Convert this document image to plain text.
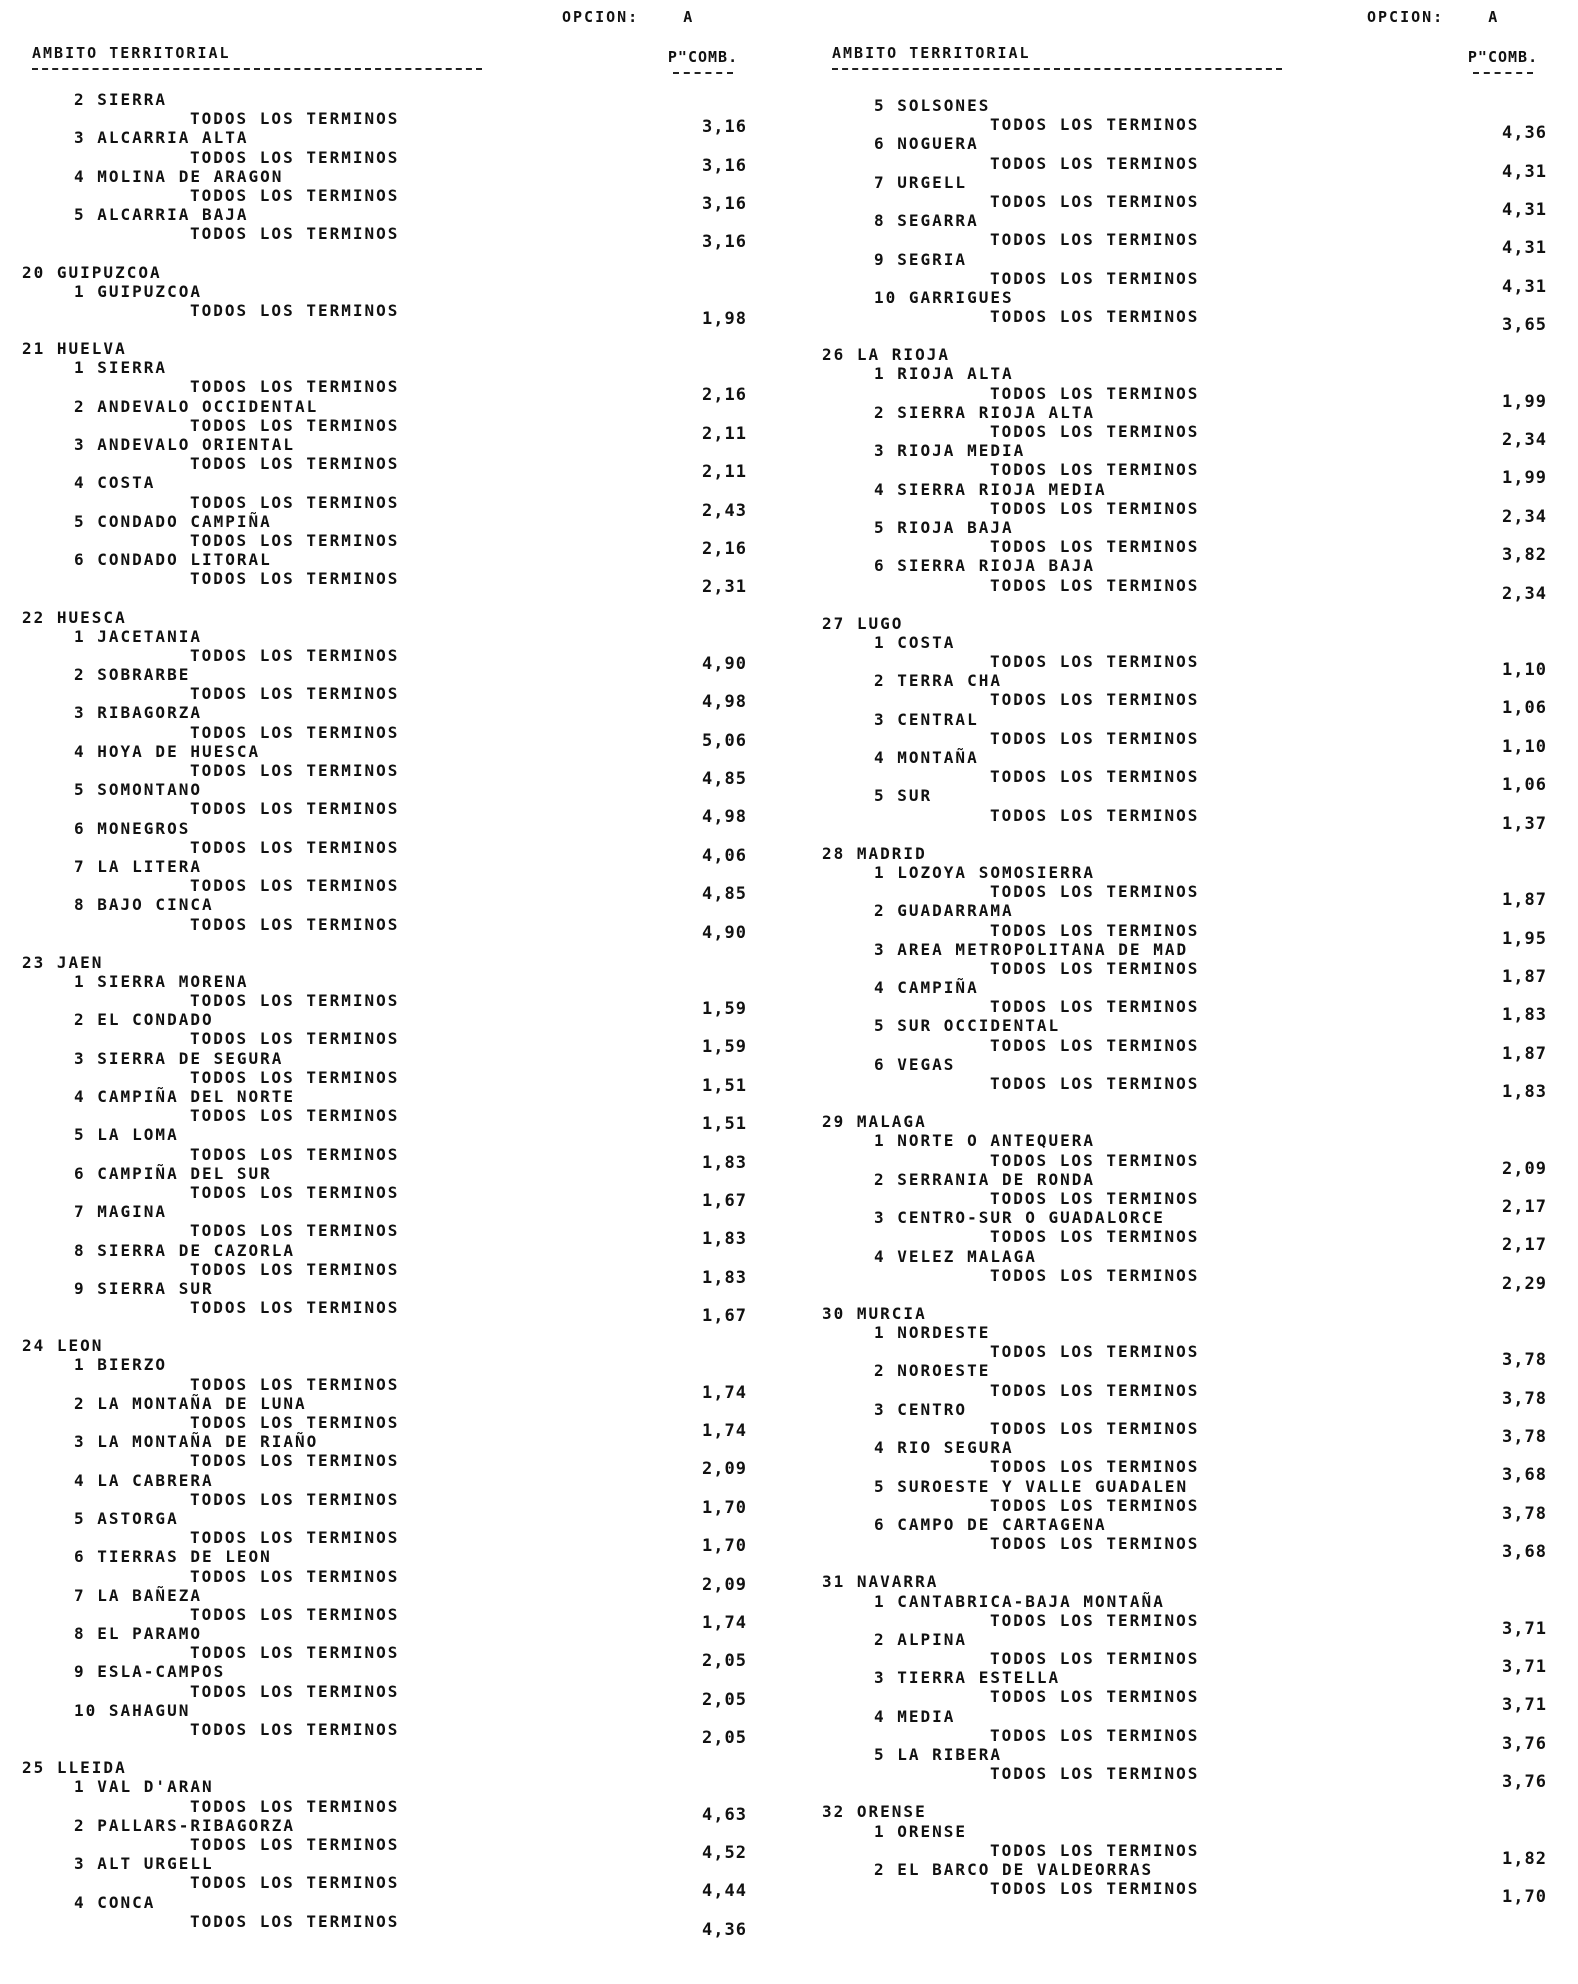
OPCION:	A
AMBITO TERRITORIAL	P"COMB.
2 SIERRA
TODOS LOS TERMINOS	3,16
3 ALCARRIA ALTA
TODOS LOS TERMINOS	3,16
4 MOLINA DE ARAGON
TODOS LOS TERMINOS	3,16
5 ALCARRIA BAJA
TODOS LOS TERMINOS	3,16
20 GUIPUZCOA
1 GUIPUZCOA
TODOS LOS TERMINOS	1,98
21 HUELVA
1 SIERRA
TODOS LOS TERMINOS	2,16
2 ANDEVALO OCCIDENTAL
TODOS LOS TERMINOS	2,11
3 ANDEVALO ORIENTAL
TODOS LOS TERMINOS	2,11
4 COSTA
TODOS LOS TERMINOS	2,43
5 CONDADO CAMPIÑA
TODOS LOS TERMINOS	2,16
6 CONDADO LITORAL
TODOS LOS TERMINOS	2,31
22 HUESCA
1 JACETANIA
TODOS LOS TERMINOS	4,90
2 SOBRARBE
TODOS LOS TERMINOS	4,98
3 RIBAGORZA
TODOS LOS TERMINOS	5,06
4 HOYA DE HUESCA
TODOS LOS TERMINOS	4,85
5 SOMONTANO
TODOS LOS TERMINOS	4,98
6 MONEGROS
TODOS LOS TERMINOS	4,06
7 LA LITERA
TODOS LOS TERMINOS	4,85
8 BAJO CINCA
TODOS LOS TERMINOS	4,90
23 JAEN
1 SIERRA MORENA
TODOS LOS TERMINOS	1,59
2 EL CONDADO
TODOS LOS TERMINOS	1,59
3 SIERRA DE SEGURA
TODOS LOS TERMINOS	1,51
4 CAMPIÑA DEL NORTE
TODOS LOS TERMINOS	1,51
5 LA LOMA
TODOS LOS TERMINOS	1,83
6 CAMPIÑA DEL SUR
TODOS LOS TERMINOS	1,67
7 MAGINA
TODOS LOS TERMINOS	1,83
8 SIERRA DE CAZORLA
TODOS LOS TERMINOS	1,83
9 SIERRA SUR
TODOS LOS TERMINOS	1,67
24 LEON
1 BIERZO
TODOS LOS TERMINOS	1,74
2 LA MONTAÑA DE LUNA
TODOS LOS TERMINOS	1,74
3 LA MONTAÑA DE RIAÑO
TODOS LOS TERMINOS	2,09
4 LA CABRERA
TODOS LOS TERMINOS	1,70
5 ASTORGA
TODOS LOS TERMINOS	1,70
6 TIERRAS DE LEON
TODOS LOS TERMINOS	2,09
7 LA BAÑEZA
TODOS LOS TERMINOS	1,74
8 EL PARAMO
TODOS LOS TERMINOS	2,05
9 ESLA-CAMPOS
TODOS LOS TERMINOS	2,05
10 SAHAGUN
TODOS LOS TERMINOS	2,05
25 LLEIDA
1 VAL D'ARAN
TODOS LOS TERMINOS	4,63
2 PALLARS-RIBAGORZA
TODOS LOS TERMINOS	4,52
3 ALT URGELL
TODOS LOS TERMINOS	4,44
4 CONCA
TODOS LOS TERMINOS	4,36
OPCION:	A
AMBITO TERRITORIAL	P"COMB.
5 SOLSONES
TODOS LOS TERMINOS	4,36
6 NOGUERA
TODOS LOS TERMINOS	4,31
7 URGELL
TODOS LOS TERMINOS	4,31
8 SEGARRA
TODOS LOS TERMINOS	4,31
9 SEGRIA
TODOS LOS TERMINOS	4,31
10 GARRIGUES
TODOS LOS TERMINOS	3,65
26 LA RIOJA
1 RIOJA ALTA
TODOS LOS TERMINOS	1,99
2 SIERRA RIOJA ALTA
TODOS LOS TERMINOS	2,34
3 RIOJA MEDIA
TODOS LOS TERMINOS	1,99
4 SIERRA RIOJA MEDIA
TODOS LOS TERMINOS	2,34
5 RIOJA BAJA
TODOS LOS TERMINOS	3,82
6 SIERRA RIOJA BAJA
TODOS LOS TERMINOS	2,34
27 LUGO
1 COSTA
TODOS LOS TERMINOS	1,10
2 TERRA CHA
TODOS LOS TERMINOS	1,06
3 CENTRAL
TODOS LOS TERMINOS	1,10
4 MONTAÑA
TODOS LOS TERMINOS	1,06
5 SUR
TODOS LOS TERMINOS	1,37
28 MADRID
1 LOZOYA SOMOSIERRA
TODOS LOS TERMINOS	1,87
2 GUADARRAMA
TODOS LOS TERMINOS	1,95
3 AREA METROPOLITANA DE MAD
TODOS LOS TERMINOS	1,87
4 CAMPIÑA
TODOS LOS TERMINOS	1,83
5 SUR OCCIDENTAL
TODOS LOS TERMINOS	1,87
6 VEGAS
TODOS LOS TERMINOS	1,83
29 MALAGA
1 NORTE O ANTEQUERA
TODOS LOS TERMINOS	2,09
2 SERRANIA DE RONDA
TODOS LOS TERMINOS	2,17
3 CENTRO-SUR O GUADALORCE
TODOS LOS TERMINOS	2,17
4 VELEZ MALAGA
TODOS LOS TERMINOS	2,29
30 MURCIA
1 NORDESTE
TODOS LOS TERMINOS	3,78
2 NOROESTE
TODOS LOS TERMINOS	3,78
3 CENTRO
TODOS LOS TERMINOS	3,78
4 RIO SEGURA
TODOS LOS TERMINOS	3,68
5 SUROESTE Y VALLE GUADALEN
TODOS LOS TERMINOS	3,78
6 CAMPO DE CARTAGENA
TODOS LOS TERMINOS	3,68
31 NAVARRA
1 CANTABRICA-BAJA MONTAÑA
TODOS LOS TERMINOS	3,71
2 ALPINA
TODOS LOS TERMINOS	3,71
3 TIERRA ESTELLA
TODOS LOS TERMINOS	3,71
4 MEDIA
TODOS LOS TERMINOS	3,76
5 LA RIBERA
TODOS LOS TERMINOS	3,76
32 ORENSE
1 ORENSE
TODOS LOS TERMINOS	1,82
2 EL BARCO DE VALDEORRAS
TODOS LOS TERMINOS	1,70
